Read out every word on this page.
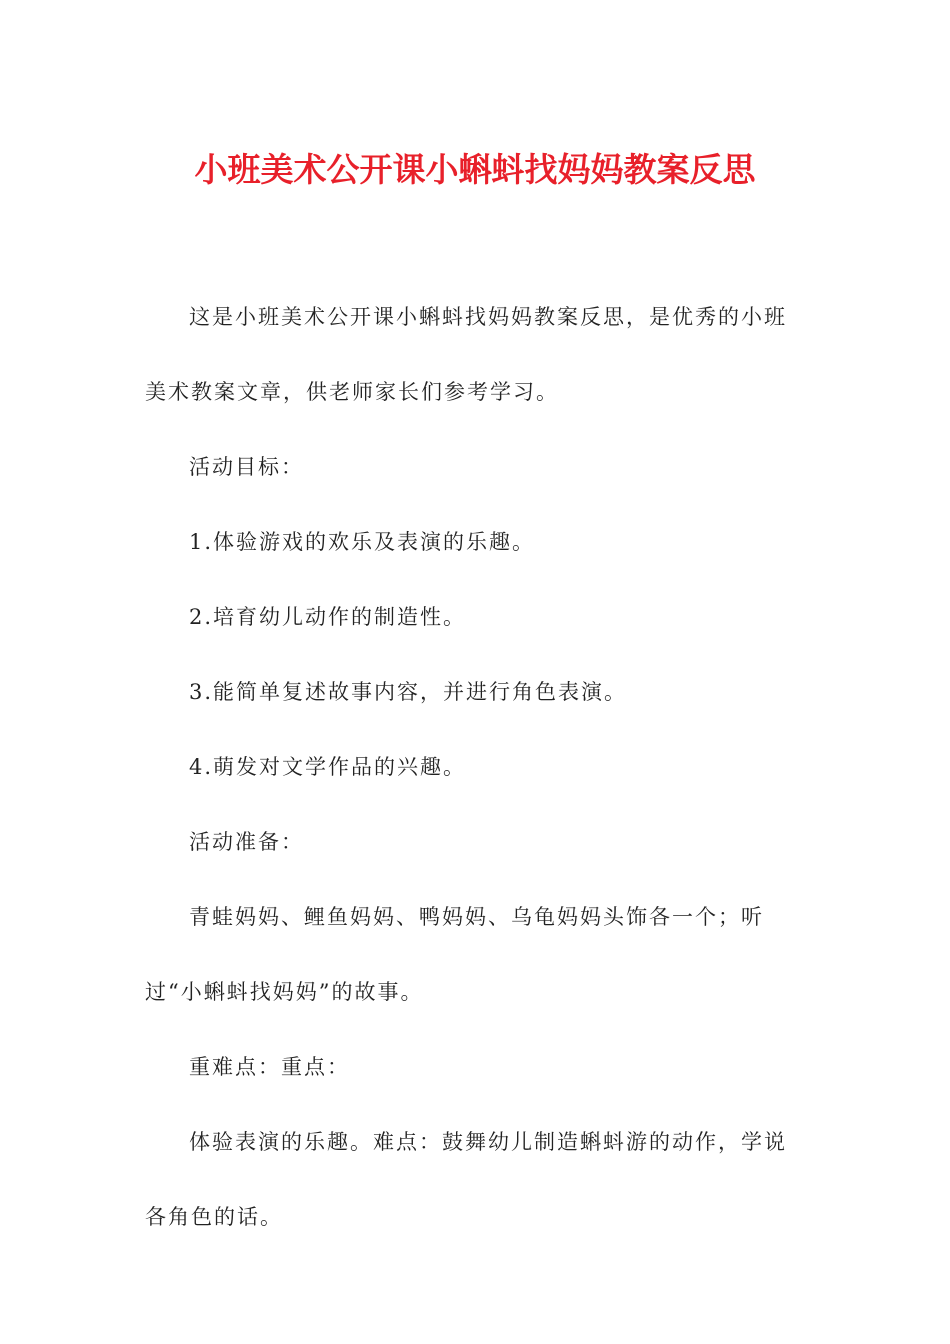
小班美术公开课小蝌蚪找妈妈教案反思

这是小班美术公开课小蝌蚪找妈妈教案反思，是优秀的小班美术教案文章，供老师家长们参考学习。

活动目标：

1.体验游戏的欢乐及表演的乐趣。

2.培育幼儿动作的制造性。

3.能简单复述故事内容，并进行角色表演。

4.萌发对文学作品的兴趣。

活动准备：

青蛙妈妈、鲤鱼妈妈、鸭妈妈、乌龟妈妈头饰各一个；听过“小蝌蚪找妈妈”的故事。

重难点：重点：

体验表演的乐趣。难点：鼓舞幼儿制造蝌蚪游的动作，学说各角色的话。
